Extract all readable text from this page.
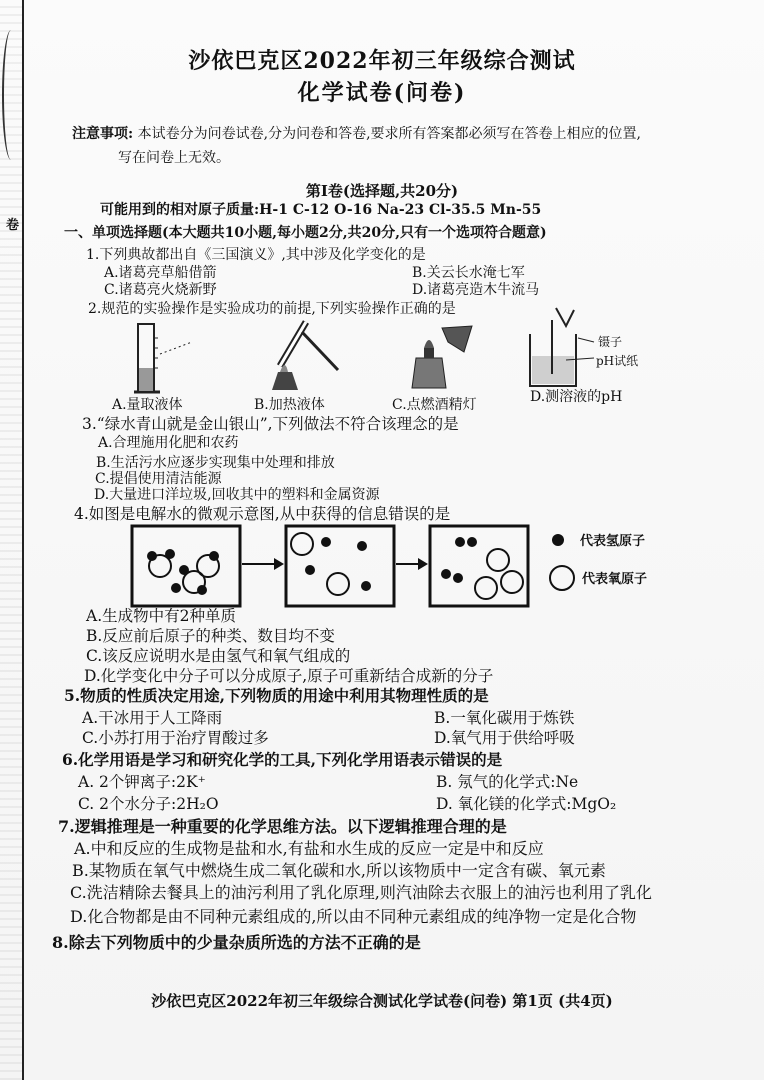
卷
沙依巴克区2022年初三年级综合测试
化学试卷(问卷)
注意事项: 本试卷分为问卷试卷,分为问卷和答卷,要求所有答案都必须写在答卷上相应的位置,
写在问卷上无效。
第Ⅰ卷(选择题,共20分)
可能用到的相对原子质量:H-1 C-12 O-16 Na-23 Cl-35.5 Mn-55
一、单项选择题(本大题共10小题,每小题2分,共20分,只有一个选项符合题意)
1.下列典故都出自《三国演义》,其中涉及化学变化的是
A.诸葛亮草船借箭	B.关云长水淹七军
C.诸葛亮火烧新野	D.诸葛亮造木牛流马
2.规范的实验操作是实验成功的前提,下列实验操作正确的是
镊子
pH试纸
A.量取液体	B.加热液体	C.点燃酒精灯	D.测溶液的pH
3.“绿水青山就是金山银山”,下列做法不符合该理念的是
A.合理施用化肥和农药
B.生活污水应逐步实现集中处理和排放
C.提倡使用清洁能源
D.大量进口洋垃圾,回收其中的塑料和金属资源
4.如图是电解水的微观示意图,从中获得的信息错误的是
代表氢原子
代表氧原子
A.生成物中有2种单质
B.反应前后原子的种类、数目均不变
C.该反应说明水是由氢气和氧气组成的
D.化学变化中分子可以分成原子,原子可重新结合成新的分子
5.物质的性质决定用途,下列物质的用途中利用其物理性质的是
A.干冰用于人工降雨	B.一氧化碳用于炼铁
C.小苏打用于治疗胃酸过多	D.氧气用于供给呼吸
6.化学用语是学习和研究化学的工具,下列化学用语表示错误的是
A. 2个钾离子:2K⁺	B. 氖气的化学式:Ne
C. 2个水分子:2H₂O	D. 氧化镁的化学式:MgO₂
7.逻辑推理是一种重要的化学思维方法。以下逻辑推理合理的是
A.中和反应的生成物是盐和水,有盐和水生成的反应一定是中和反应
B.某物质在氧气中燃烧生成二氧化碳和水,所以该物质中一定含有碳、氧元素
C.洗洁精除去餐具上的油污利用了乳化原理,则汽油除去衣服上的油污也利用了乳化
D.化合物都是由不同种元素组成的,所以由不同种元素组成的纯净物一定是化合物
8.除去下列物质中的少量杂质所选的方法不正确的是
沙依巴克区2022年初三年级综合测试化学试卷(问卷) 第1页 (共4页)
